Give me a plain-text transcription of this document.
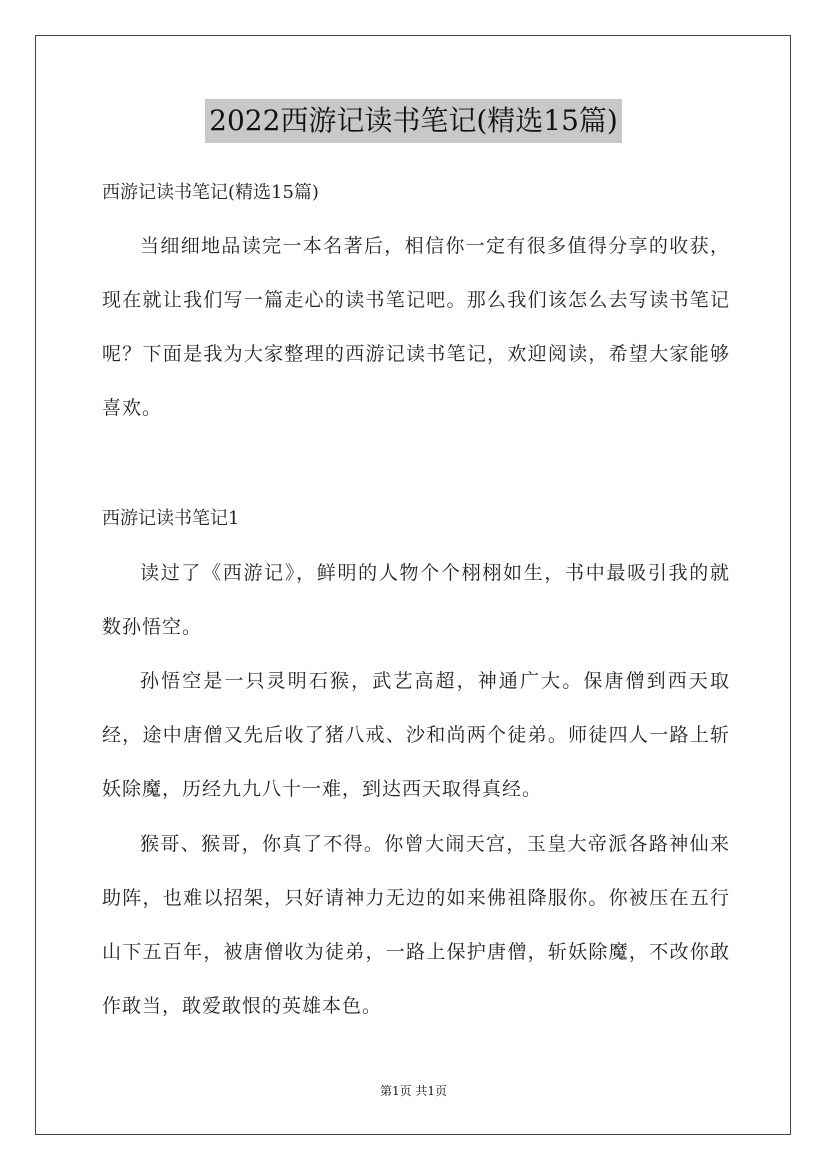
2022西游记读书笔记(精选15篇)
西游记读书笔记(精选15篇)

当细细地品读完一本名著后，相信你一定有很多值得分享的收获，现在就让我们写一篇走心的读书笔记吧。那么我们该怎么去写读书笔记呢？下面是我为大家整理的西游记读书笔记，欢迎阅读，希望大家能够喜欢。

西游记读书笔记1

读过了《西游记》，鲜明的人物个个栩栩如生，书中最吸引我的就数孙悟空。

孙悟空是一只灵明石猴，武艺高超，神通广大。保唐僧到西天取经，途中唐僧又先后收了猪八戒、沙和尚两个徒弟。师徒四人一路上斩妖除魔，历经九九八十一难，到达西天取得真经。

猴哥、猴哥，你真了不得。你曾大闹天宫，玉皇大帝派各路神仙来助阵，也难以招架，只好请神力无边的如来佛祖降服你。你被压在五行山下五百年，被唐僧收为徒弟，一路上保护唐僧，斩妖除魔，不改你敢作敢当，敢爱敢恨的英雄本色。

第1页 共1页
